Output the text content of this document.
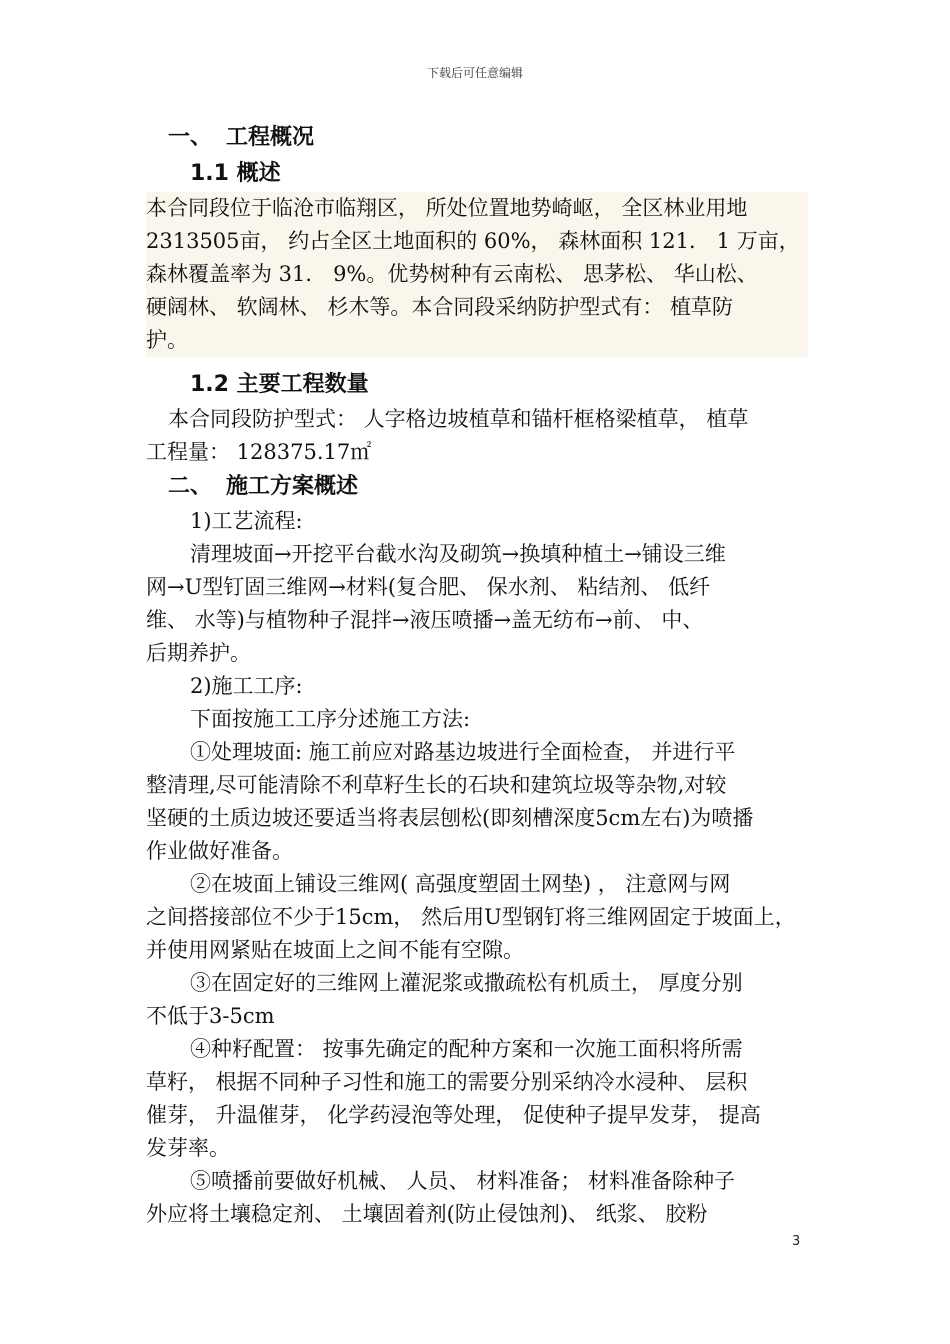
下载后可任意编辑
一、 工程概况
1.1 概述
本合同段位于临沧市临翔区， 所处位置地势崎岖， 全区林业用地
2313505亩， 约占全区土地面积的 60%， 森林面积 121． 1 万亩，
森林覆盖率为 31． 9%。优势树种有云南松、 思茅松、 华山松、
硬阔林、 软阔林、 杉木等。本合同段采纳防护型式有： 植草防
护。
1.2 主要工程数量
本合同段防护型式： 人字格边坡植草和锚杆框格梁植草， 植草
工程量： 128375.17㎡
二、 施工方案概述
1)工艺流程:
清理坡面→开挖平台截水沟及砌筑→换填种植土→铺设三维
网→U型钉固三维网→材料(复合肥、 保水剂、 粘结剂、 低纤
维、 水等)与植物种子混拌→液压喷播→盖无纺布→前、 中、
后期养护。
2)施工工序:
下面按施工工序分述施工方法:
①处理坡面: 施工前应对路基边坡进行全面检查， 并进行平
整清理,尽可能清除不利草籽生长的石块和建筑垃圾等杂物,对较
坚硬的土质边坡还要适当将表层刨松(即刻槽深度5cm左右)为喷播
作业做好准备。
②在坡面上铺设三维网( 高强度塑固土网垫) ， 注意网与网
之间搭接部位不少于15cm， 然后用U型钢钉将三维网固定于坡面上，
并使用网紧贴在坡面上之间不能有空隙。
③在固定好的三维网上灌泥浆或撒疏松有机质土， 厚度分别
不低于3-5cm
④种籽配置： 按事先确定的配种方案和一次施工面积将所需
草籽， 根据不同种子习性和施工的需要分别采纳冷水浸种、 层积
催芽， 升温催芽， 化学药浸泡等处理， 促使种子提早发芽， 提高
发芽率。
⑤喷播前要做好机械、 人员、 材料准备； 材料准备除种子
外应将土壤稳定剂、 土壤固着剂(防止侵蚀剂)、 纸浆、 胶粉
3
